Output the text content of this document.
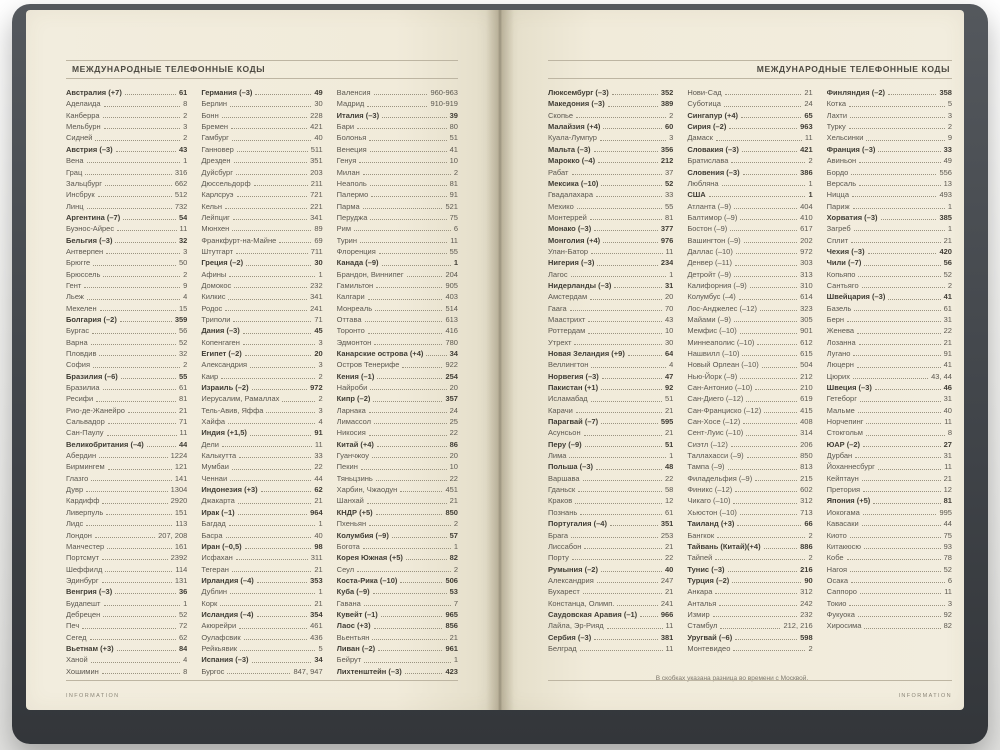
МЕЖДУНАРОДНЫЕ ТЕЛЕФОННЫЕ КОДЫ
Австралия (+7)	61
Аделаида	8
Канберра	2
Мельбурн	3
Сидней	2
Австрия (–3)	43
Вена	1
Грац	316
Зальцбург	662
Инсбрук	512
Линц	732
Аргентина (–7)	54
Буэнос-Айрес	11
Бельгия (–3)	32
Антверпен	3
Брюгге	50
Брюссель	2
Гент	9
Льеж	4
Мехелен	15
Болгария (–2)	359
Бургас	56
Варна	52
Пловдив	32
София	2
Бразилия (–6)	55
Бразилиа	61
Ресифи	81
Рио-де-Жанейро	21
Сальвадор	71
Сан-Паулу	11
Великобритания (–4)	44
Абердин	1224
Бирмингем	121
Глазго	141
Дувр	1304
Кардифф	2920
Ливерпуль	151
Лидс	113
Лондон	207, 208
Манчестер	161
Портсмут	2392
Шеффилд	114
Эдинбург	131
Венгрия (–3)	36
Будапешт	1
Дебрецен	52
Печ	72
Сегед	62
Вьетнам (+3)	84
Ханой	4
Хошимин	8
Германия (–3)	49
Берлин	30
Бонн	228
Бремен	421
Гамбург	40
Ганновер	511
Дрезден	351
Дуйсбург	203
Дюссельдорф	211
Карлсруэ	721
Кельн	221
Лейпциг	341
Мюнхен	89
Франкфурт-на-Майне	69
Штутгарт	711
Греция (–2)	30
Афины	1
Домокос	232
Килкис	341
Родос	241
Триполи	71
Дания (–3)	45
Копенгаген	3
Египет (–2)	20
Александрия	3
Каир	2
Израиль (–2)	972
Иерусалим, Рамаллах	2
Тель-Авив, Яффа	3
Хайфа	4
Индия (+1,5)	91
Дели	11
Калькутта	33
Мумбаи	22
Ченнаи	44
Индонезия (+3)	62
Джакарта	21
Ирак (–1)	964
Багдад	1
Басра	40
Иран (–0,5)	98
Исфахан	311
Тегеран	21
Ирландия (–4)	353
Дублин	1
Корк	21
Исландия (–4)	354
Акюрейри	461
Оулафсвик	436
Рейкьявик	5
Испания (–3)	34
Бургос	847, 947
Валенсия	960-963
Мадрид	910-919
Италия (–3)	39
Бари	80
Болонья	51
Венеция	41
Генуя	10
Милан	2
Неаполь	81
Палермо	91
Парма	521
Перуджа	75
Рим	6
Турин	11
Флоренция	55
Канада (–9)	1
Брандон, Виннипег	204
Гамильтон	905
Калгари	403
Монреаль	514
Оттава	613
Торонто	416
Эдмонтон	780
Канарские острова (+4)	34
Остров Тенерифе	922
Кения (–1)	254
Найроби	20
Кипр (–2)	357
Ларнака	24
Лимассол	25
Никосия	22
Китай (+4)	86
Гуанчжоу	20
Пекин	10
Тяньцзинь	22
Харбин, Чжаодун	451
Шанхай	21
КНДР (+5)	850
Пхеньян	2
Колумбия (–9)	57
Богота	1
Корея Южная (+5)	82
Сеул	2
Коста-Рика (–10)	506
Куба (–9)	53
Гавана	7
Кувейт (–1)	965
Лаос (+3)	856
Вьентьян	21
Ливан (–2)	961
Бейрут	1
Лихтенштейн (–3)	423
INFORMATION
МЕЖДУНАРОДНЫЕ ТЕЛЕФОННЫЕ КОДЫ
Люксембург (–3)	352
Македония (–3)	389
Скопье	2
Малайзия (+4)	60
Куала-Лумпур	3
Мальта (–3)	356
Марокко (–4)	212
Рабат	37
Мексика (–10)	52
Гвадалахара	33
Мехико	55
Монтеррей	81
Монако (–3)	377
Монголия (+4)	976
Улан-Батор	11
Нигерия (–3)	234
Лагос	1
Нидерланды (–3)	31
Амстердам	20
Гаага	70
Маастрихт	43
Роттердам	10
Утрехт	30
Новая Зеландия (+9)	64
Веллингтон	4
Норвегия (–3)	47
Пакистан (+1)	92
Исламабад	51
Карачи	21
Парагвай (–7)	595
Асунсьон	21
Перу (–9)	51
Лима	1
Польша (–3)	48
Варшава	22
Гданьск	58
Краков	12
Познань	61
Португалия (–4)	351
Брага	253
Лиссабон	21
Порту	22
Румыния (–2)	40
Александрия	247
Бухарест	21
Констанца, Олимп.	241
Саудовская Аравия (–1)	966
Лайла, Эр-Рияд	11
Сербия (–3)	381
Белград	11
Нови-Сад	21
Суботица	24
Сингапур (+4)	65
Сирия (–2)	963
Дамаск	11
Словакия (–3)	421
Братислава	2
Словения (–3)	386
Любляна	1
США	1
Атланта (–9)	404
Балтимор (–9)	410
Бостон (–9)	617
Вашингтон (–9)	202
Даллас (–10)	972
Денвер (–11)	303
Детройт (–9)	313
Калифорния (–9)	310
Колумбус (–4)	614
Лос-Анджелес (–12)	323
Майами (–9)	305
Мемфис (–10)	901
Миннеаполис (–10)	612
Нашвилл (–10)	615
Новый Орлеан (–10)	504
Нью-Йорк (–9)	212
Сан-Антонио (–10)	210
Сан-Диего (–12)	619
Сан-Франциско (–12)	415
Сан-Хосе (–12)	408
Сент-Луис (–10)	314
Сиэтл (–12)	206
Таллахасси (–9)	850
Тампа (–9)	813
Филадельфия (–9)	215
Финикс (–12)	602
Чикаго (–10)	312
Хьюстон (–10)	713
Таиланд (+3)	66
Бангкок	2
Тайвань (Китай)(+4)	886
Тайпей	2
Тунис (–3)	216
Турция (–2)	90
Анкара	312
Анталья	242
Измир	232
Стамбул	212, 216
Уругвай (–6)	598
Монтевидео	2
Финляндия (–2)	358
Котка	5
Лахти	3
Турку	2
Хельсинки	9
Франция (–3)	33
Авиньон	49
Бордо	556
Версаль	13
Ницца	493
Париж	1
Хорватия (–3)	385
Загреб	1
Сплит	21
Чехия (–3)	420
Чили (–7)	56
Копьяпо	52
Сантьяго	2
Швейцария (–3)	41
Базель	61
Берн	31
Женева	22
Лозанна	21
Лугано	91
Люцерн	41
Цюрих	43, 44
Швеция (–3)	46
Гетеборг	31
Мальме	40
Норчепинг	11
Стокгольм	8
ЮАР (–2)	27
Дурбан	31
Йоханнесбург	11
Кейптаун	21
Претория	12
Япония (+5)	81
Иокогама	995
Кавасаки	44
Киото	75
Китакюсю	93
Кобе	78
Нагоя	52
Осака	6
Саппоро	11
Токио	3
Фукуока	92
Хиросима	82
В скобках указана разница во времени с Москвой.
INFORMATION
